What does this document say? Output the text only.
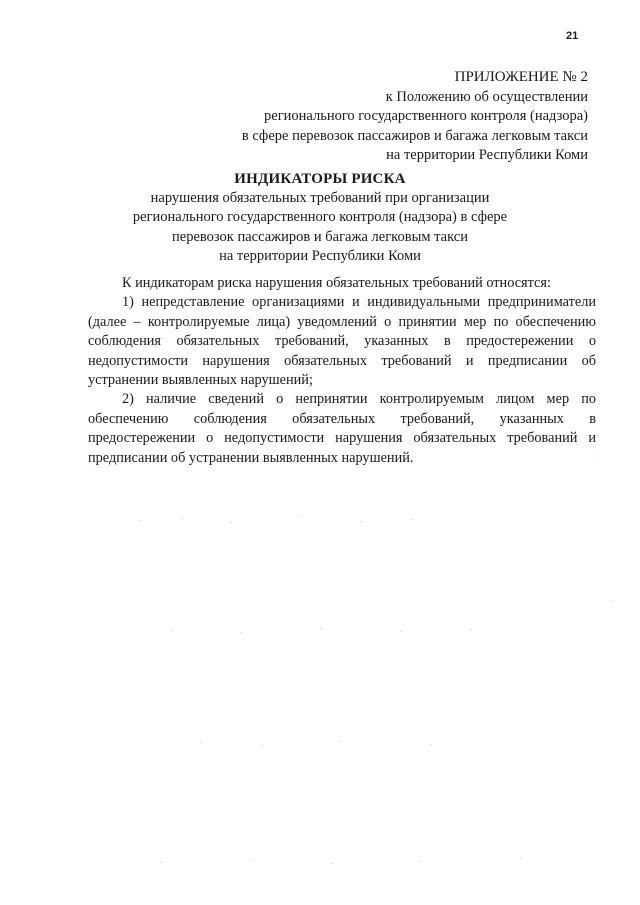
21
ПРИЛОЖЕНИЕ № 2
к Положению об осуществлении
регионального государственного контроля (надзора)
в сфере перевозок пассажиров и багажа легковым такси
на территории Республики Коми
ИНДИКАТОРЫ РИСКА
нарушения обязательных требований при организации
регионального государственного контроля (надзора) в сфере
перевозок пассажиров и багажа легковым такси
на территории Республики Коми

К индикаторам риска нарушения обязательных требований относятся:

1) непредставление организациями и индивидуальными предприниматели (далее – контролируемые лица) уведомлений о принятии мер по обеспечению соблюдения обязательных требований, указанных в предостережении о недопустимости нарушения обязательных требований и предписании об устранении выявленных нарушений;

2) наличие сведений о непринятии контролируемым лицом мер по обеспечению соблюдения обязательных требований, указанных в предостережении о недопустимости нарушения обязательных требований и предписании об устранении выявленных нарушений.
